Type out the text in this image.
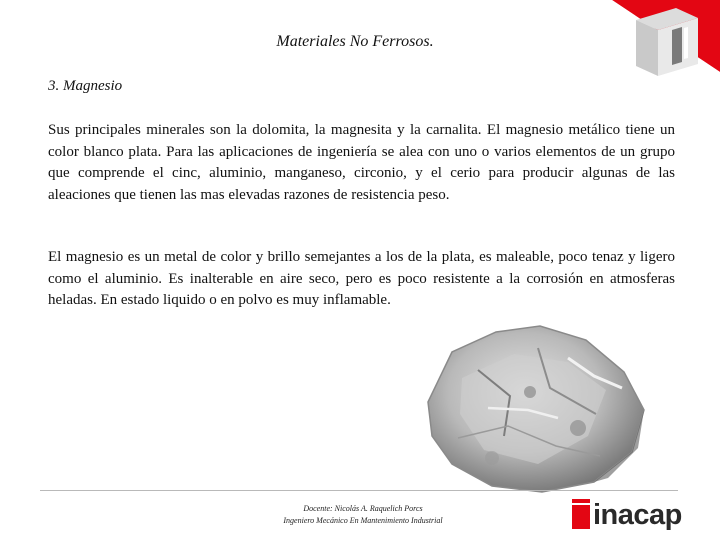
Materiales No Ferrosos.
3. Magnesio

Sus principales minerales son la dolomita, la magnesita y la carnalita. El magnesio metálico tiene un color blanco plata. Para las aplicaciones de ingeniería se alea con uno o varios elementos de un grupo que comprende el cinc, aluminio, manganeso, circonio, y el cerio para producir algunas de las aleaciones que tienen las mas elevadas razones de resistencia peso.

El magnesio es un metal de color y brillo semejantes a los de la plata, es maleable, poco tenaz y ligero como el aluminio. Es inalterable en aire seco, pero es poco resistente a la corrosión en atmosferas heladas. En estado liquido o en polvo es muy inflamable.

Docente: Nicolás A. Raquelich Porcs
Ingeniero Mecánico En Mantenimiento Industrial	inacap
